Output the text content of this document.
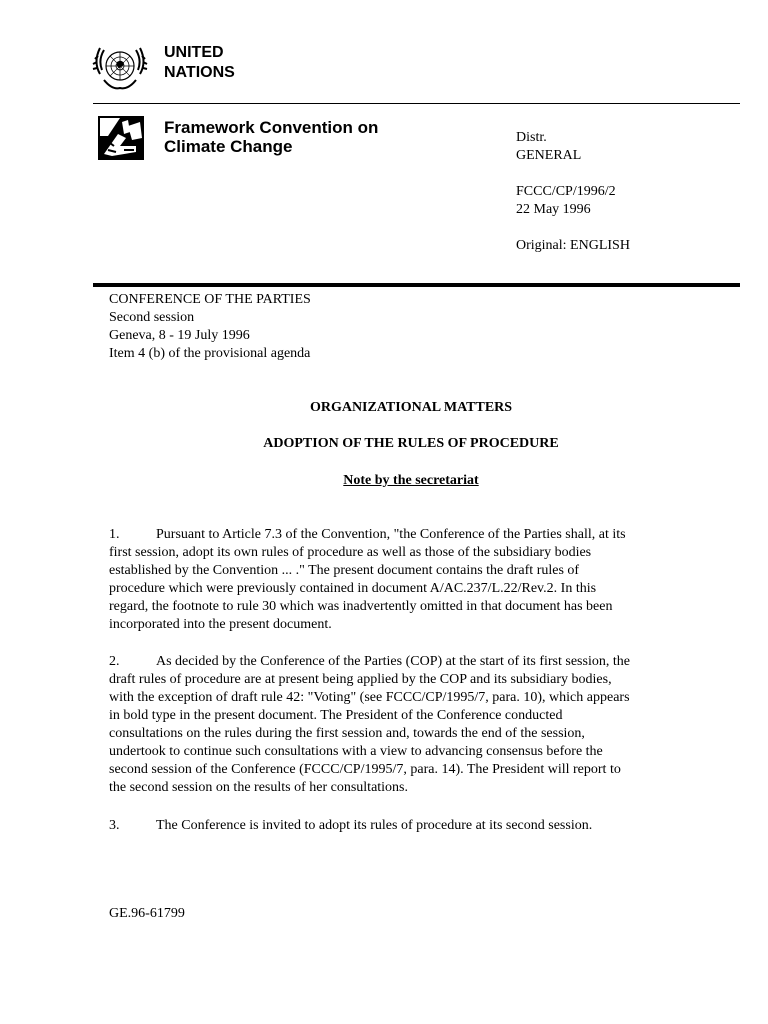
UNITED
NATIONS
Framework Convention on
Climate Change	Distr.

GENERAL

FCCC/CP/1996/2

22 May 1996

Original: ENGLISH

CONFERENCE OF THE PARTIES

Second session

Geneva, 8 - 19 July 1996

Item 4 (b) of the provisional agenda

ORGANIZATIONAL MATTERS
ADOPTION OF THE RULES OF PROCEDURE
Note by the secretariat
1.	Pursuant to Article 7.3 of the Convention, "the Conference of the Parties shall, at its
first session, adopt its own rules of procedure as well as those of the subsidiary bodies
established by the Convention ... ." The present document contains the draft rules of
procedure which were previously contained in document A/AC.237/L.22/Rev.2. In this
regard, the footnote to rule 30 which was inadvertently omitted in that document has been
incorporated into the present document.
2.	As decided by the Conference of the Parties (COP) at the start of its first session, the
draft rules of procedure are at present being applied by the COP and its subsidiary bodies,
with the exception of draft rule 42: "Voting" (see FCCC/CP/1995/7, para. 10), which appears
in bold type in the present document. The President of the Conference conducted
consultations on the rules during the first session and, towards the end of the session,
undertook to continue such consultations with a view to advancing consensus before the
second session of the Conference (FCCC/CP/1995/7, para. 14). The President will report to
the second session on the results of her consultations.
3.	The Conference is invited to adopt its rules of procedure at its second session.
GE.96-61799
